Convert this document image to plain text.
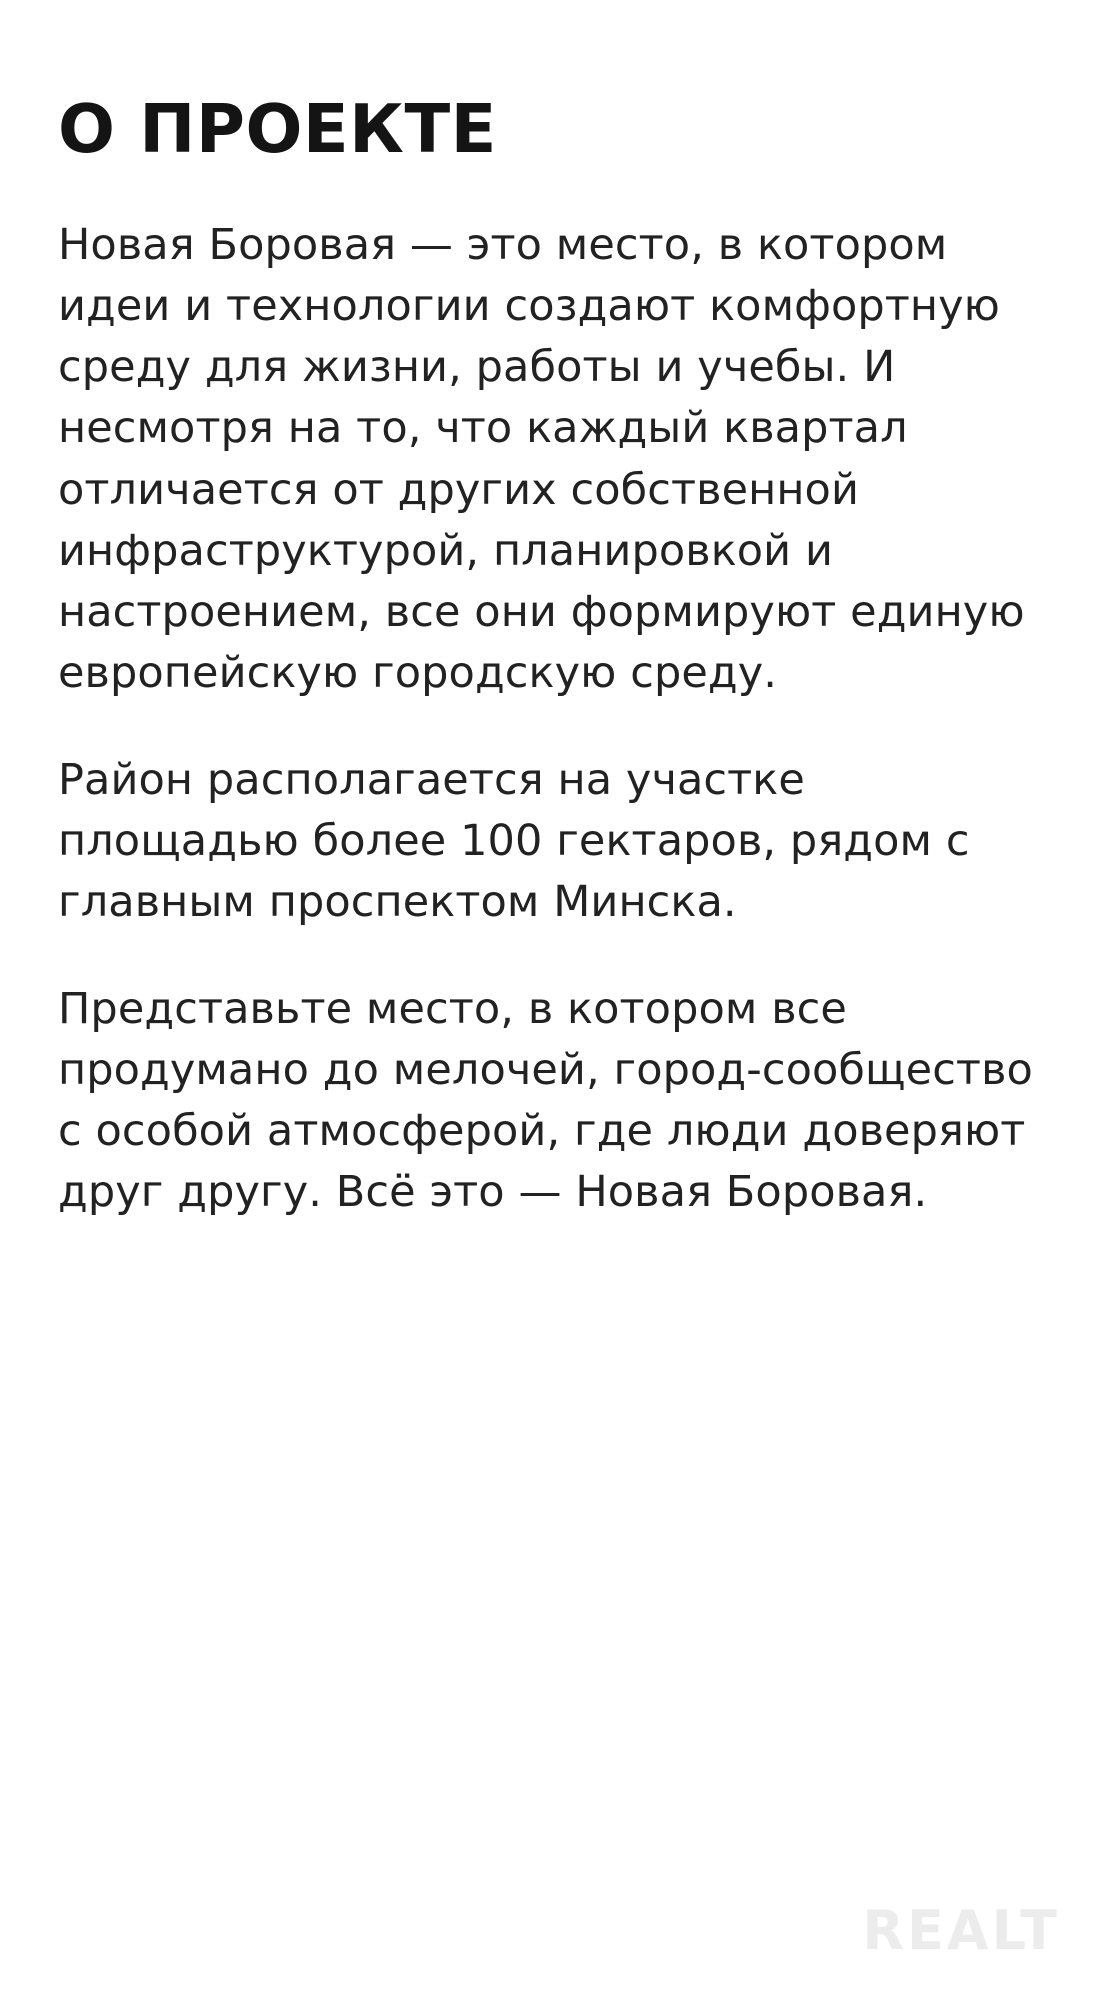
О ПРОЕКТЕ

Новая Боровая — это место, в котором идеи и технологии создают комфортную среду для жизни, работы и учебы. И несмотря на то, что каждый квартал отличается от других собственной инфраструктурой, планировкой и настроением, все они формируют единую европейскую городскую среду.

Район располагается на участке площадью более 100 гектаров, рядом с главным проспектом Минска.

Представьте место, в котором все продумано до мелочей, город-сообщество с особой атмосферой, где люди доверяют друг другу. Всё это — Новая Боровая.

REALT
